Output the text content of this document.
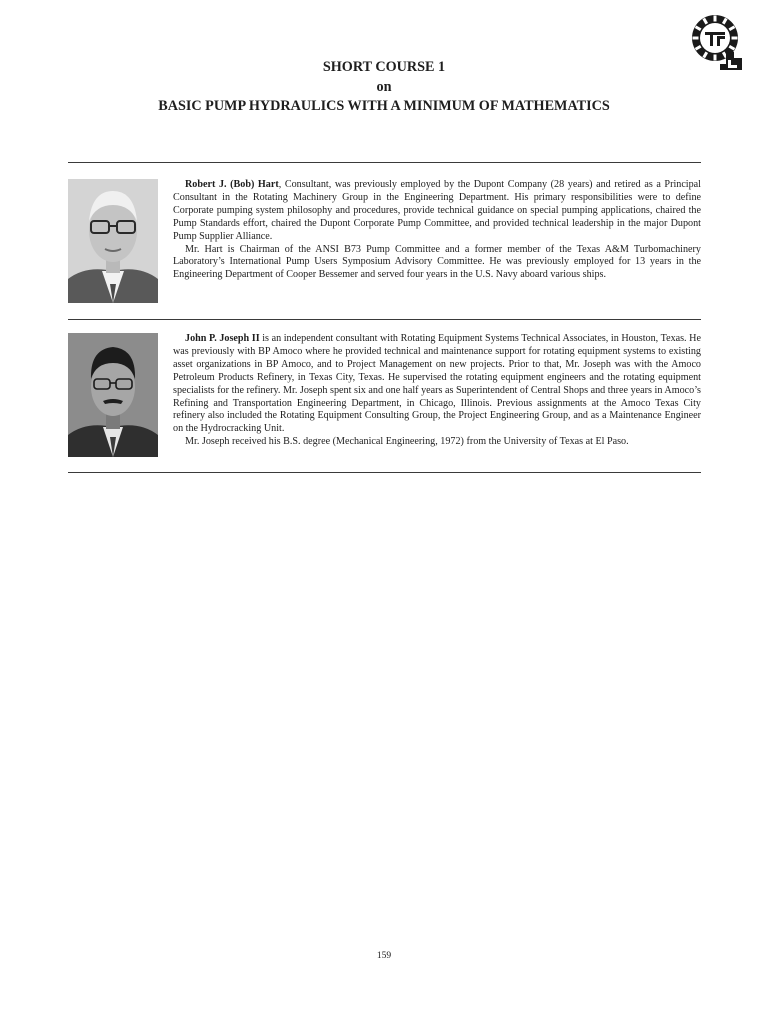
SHORT COURSE 1
on
BASIC PUMP HYDRAULICS WITH A MINIMUM OF MATHEMATICS

Robert J. (Bob) Hart, Consultant, was previously employed by the Dupont Company (28 years) and retired as a Principal Consultant in the Rotating Machinery Group in the Engineering Department. His primary responsibilities were to define Corporate pumping system philosophy and procedures, provide technical guidance on special pumping applications, chaired the Pump Standards effort, chaired the Dupont Corporate Pump Committee, and provided technical leadership in the major Dupont Pump Supplier Alliance.

Mr. Hart is Chairman of the ANSI B73 Pump Committee and a former member of the Texas A&M Turbomachinery Laboratory’s International Pump Users Symposium Advisory Committee. He was previously employed for 13 years in the Engineering Department of Cooper Bessemer and served four years in the U.S. Navy aboard various ships.

John P. Joseph II is an independent consultant with Rotating Equipment Systems Technical Associates, in Houston, Texas. He was previously with BP Amoco where he provided technical and maintenance support for rotating equipment systems to existing asset organizations in BP Amoco, and to Project Management on new projects. Prior to that, Mr. Joseph was with the Amoco Petroleum Products Refinery, in Texas City, Texas. He supervised the rotating equipment engineers and the rotating equipment specialists for the refinery. Mr. Joseph spent six and one half years as Superintendent of Central Shops and three years in Amoco’s Refining and Transportation Engineering Department, in Chicago, Illinois. Previous assignments at the Amoco Texas City refinery also included the Rotating Equipment Consulting Group, the Project Engineering Group, and as a Maintenance Engineer on the Hydrocracking Unit.

Mr. Joseph received his B.S. degree (Mechanical Engineering, 1972) from the University of Texas at El Paso.

159
